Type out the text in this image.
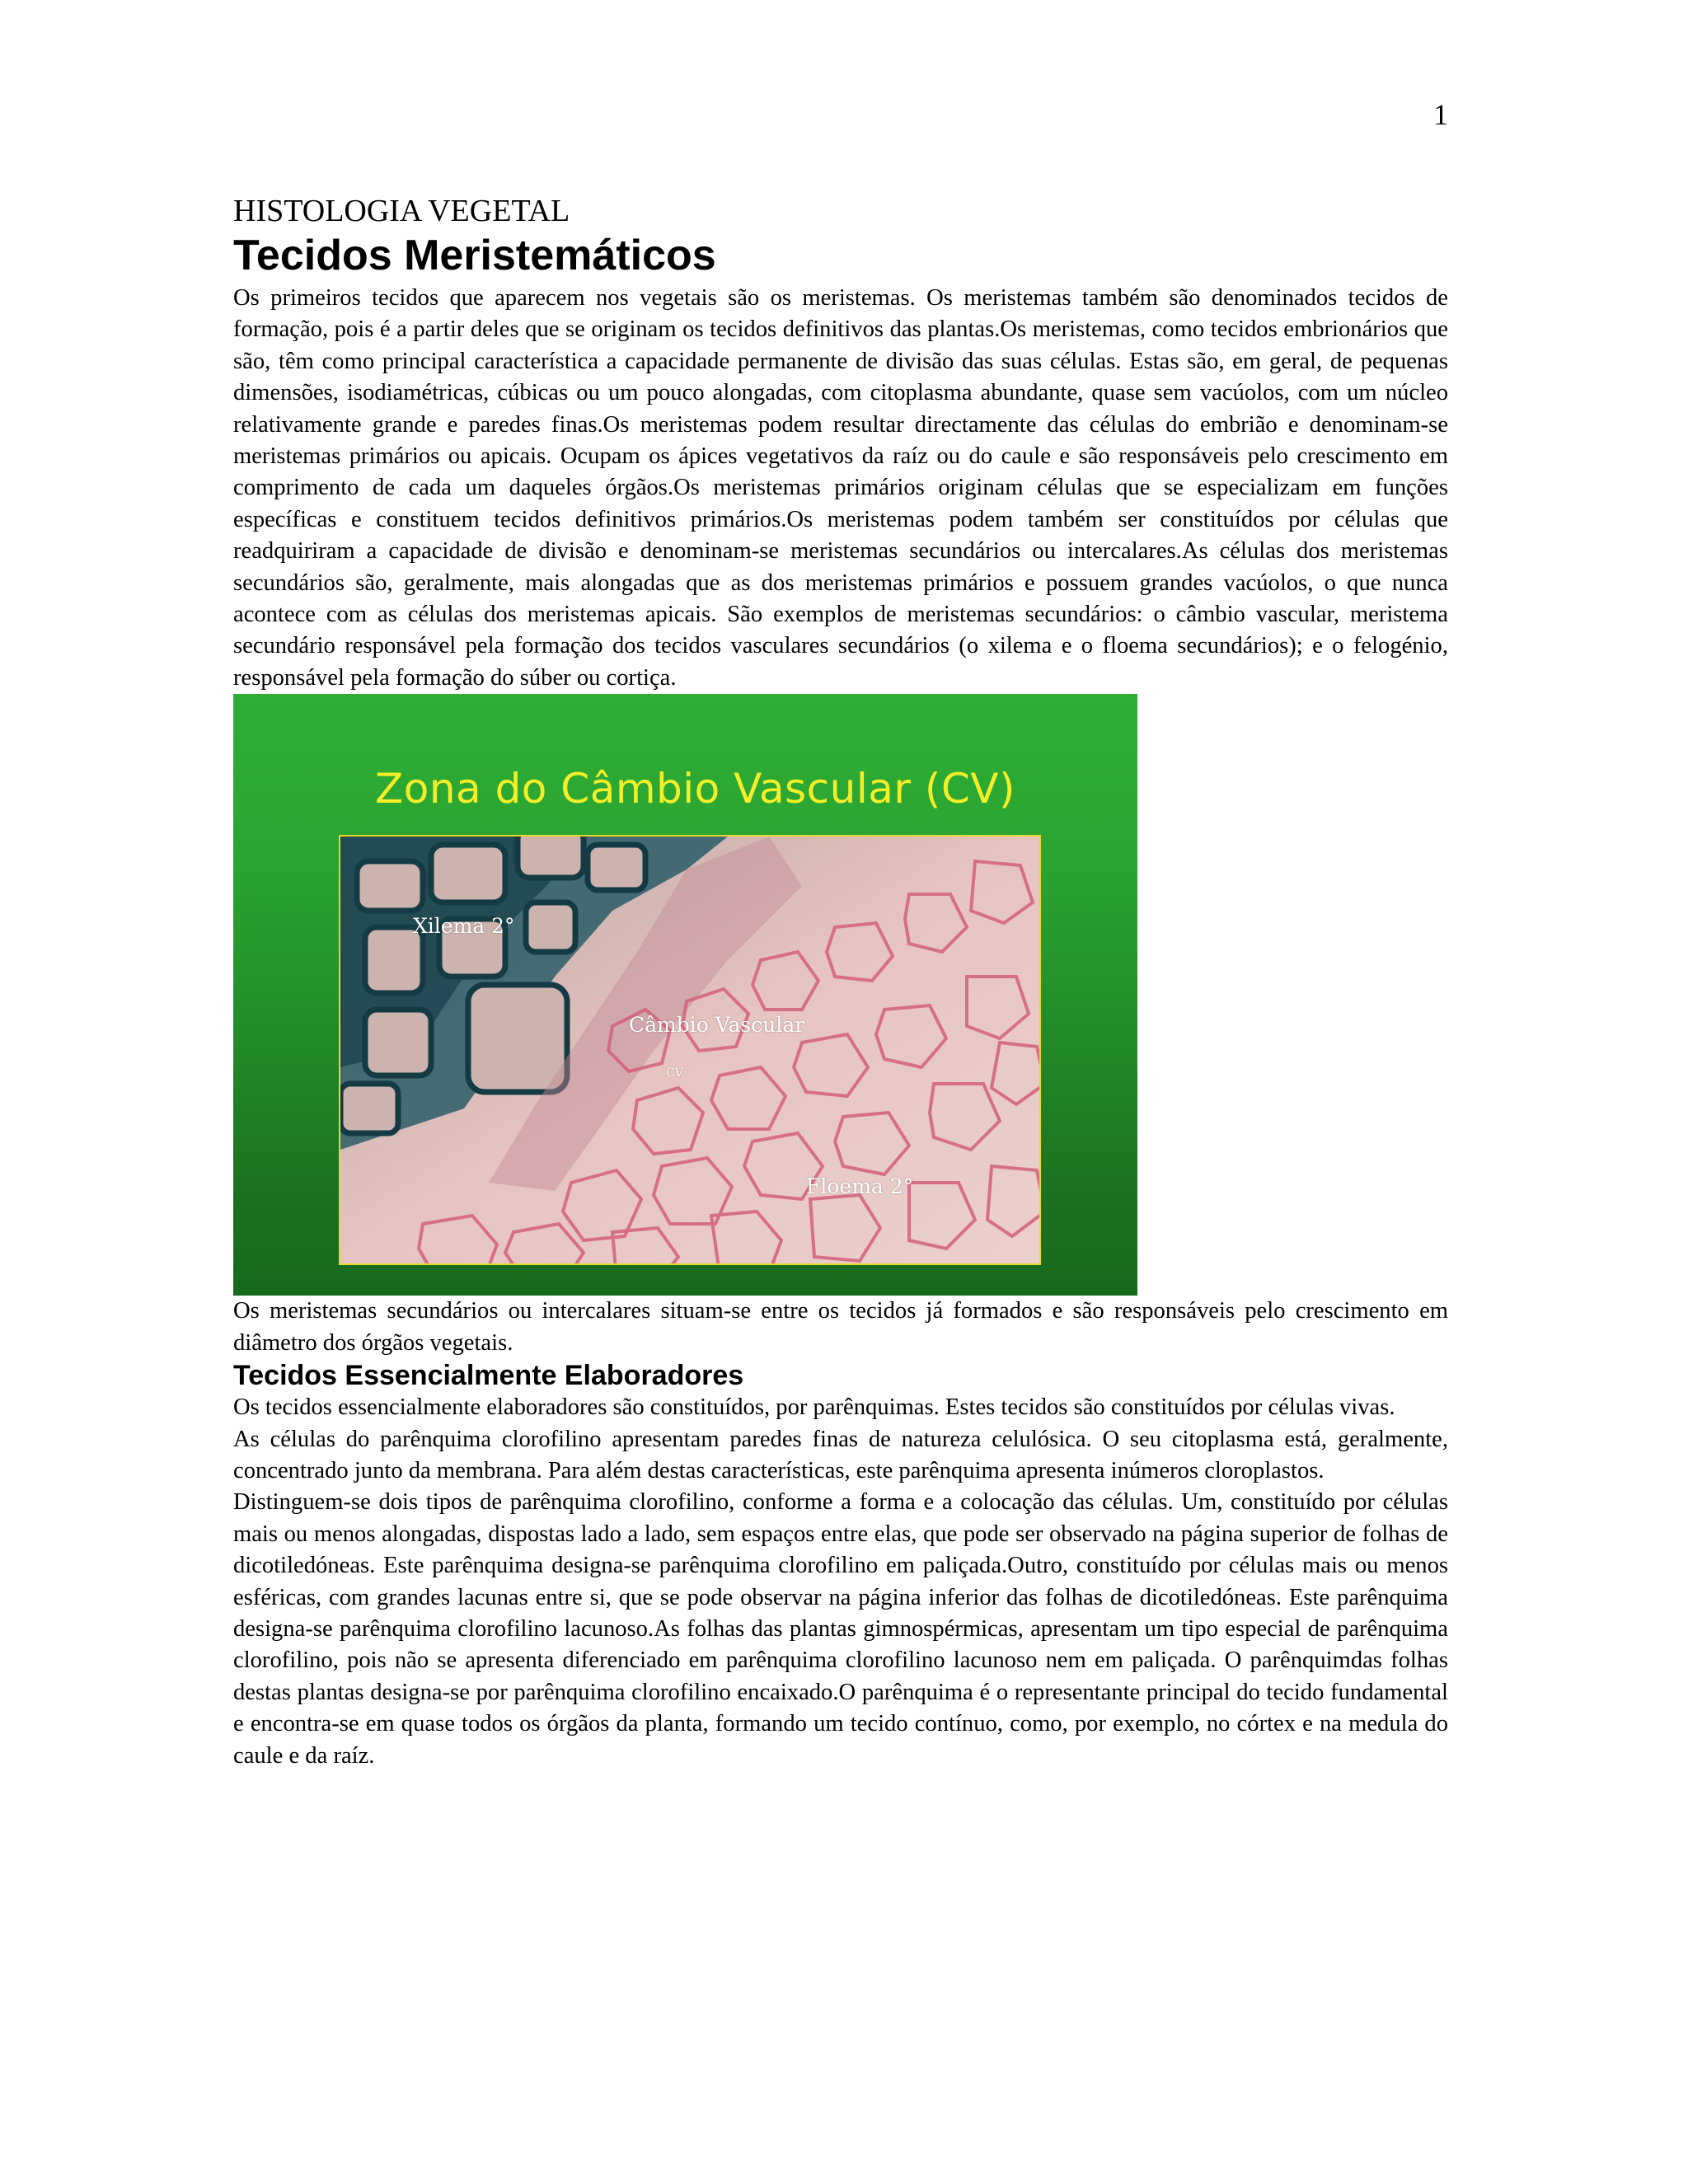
1
HISTOLOGIA VEGETAL
Tecidos Meristemáticos

Os primeiros tecidos que aparecem nos vegetais são os meristemas. Os meristemas também são denominados tecidos de formação, pois é a partir deles que se originam os tecidos definitivos das plantas.Os meristemas, como tecidos embrionários que são, têm como principal característica a capacidade permanente de divisão das suas células. Estas são, em geral, de pequenas dimensões, isodiamétricas, cúbicas ou um pouco alongadas, com citoplasma abundante, quase sem vacúolos, com um núcleo relativamente grande e paredes finas.Os meristemas podem resultar directamente das células do embrião e denominam-se meristemas primários ou apicais. Ocupam os ápices vegetativos da raíz ou do caule e são responsáveis pelo crescimento em comprimento de cada um daqueles órgãos.Os meristemas primários originam células que se especializam em funções específicas e constituem tecidos definitivos primários.Os meristemas podem também ser constituídos por células que readquiriram a capacidade de divisão e denominam-se meristemas secundários ou intercalares.As células dos meristemas secundários são, geralmente, mais alongadas que as dos meristemas primários e possuem grandes vacúolos, o que nunca acontece com as células dos meristemas apicais. São exemplos de meristemas secundários: o câmbio vascular, meristema secundário responsável pela formação dos tecidos vasculares secundários (o xilema e o floema secundários); e o felogénio, responsável pela formação do súber ou cortiça.

Zona do Câmbio Vascular (CV)
Xilema 2°
Câmbio Vascular
CV
Floema 2°

Os meristemas secundários ou intercalares situam-se entre os tecidos já formados e são responsáveis pelo crescimento em diâmetro dos órgãos vegetais.

Tecidos Essencialmente Elaboradores

Os tecidos essencialmente elaboradores são constituídos, por parênquimas. Estes tecidos são constituídos por células vivas.

As células do parênquima clorofilino apresentam paredes finas de natureza celulósica. O seu citoplasma está, geralmente, concentrado junto da membrana. Para além destas características, este parênquima apresenta inúmeros cloroplastos.

Distinguem-se dois tipos de parênquima clorofilino, conforme a forma e a colocação das células. Um, constituído por células mais ou menos alongadas, dispostas lado a lado, sem espaços entre elas, que pode ser observado na página superior de folhas de dicotiledóneas. Este parênquima designa-se parênquima clorofilino em paliçada.Outro, constituído por células mais ou menos esféricas, com grandes lacunas entre si, que se pode observar na página inferior das folhas de dicotiledóneas. Este parênquima designa-se parênquima clorofilino lacunoso.As folhas das plantas gimnospérmicas, apresentam um tipo especial de parênquima clorofilino, pois não se apresenta diferenciado em parênquima clorofilino lacunoso nem em paliçada. O parênquimdas folhas destas plantas designa-se por parênquima clorofilino encaixado.O parênquima é o representante principal do tecido fundamental e encontra-se em quase todos os órgãos da planta, formando um tecido contínuo, como, por exemplo, no córtex e na medula do caule e da raíz.
